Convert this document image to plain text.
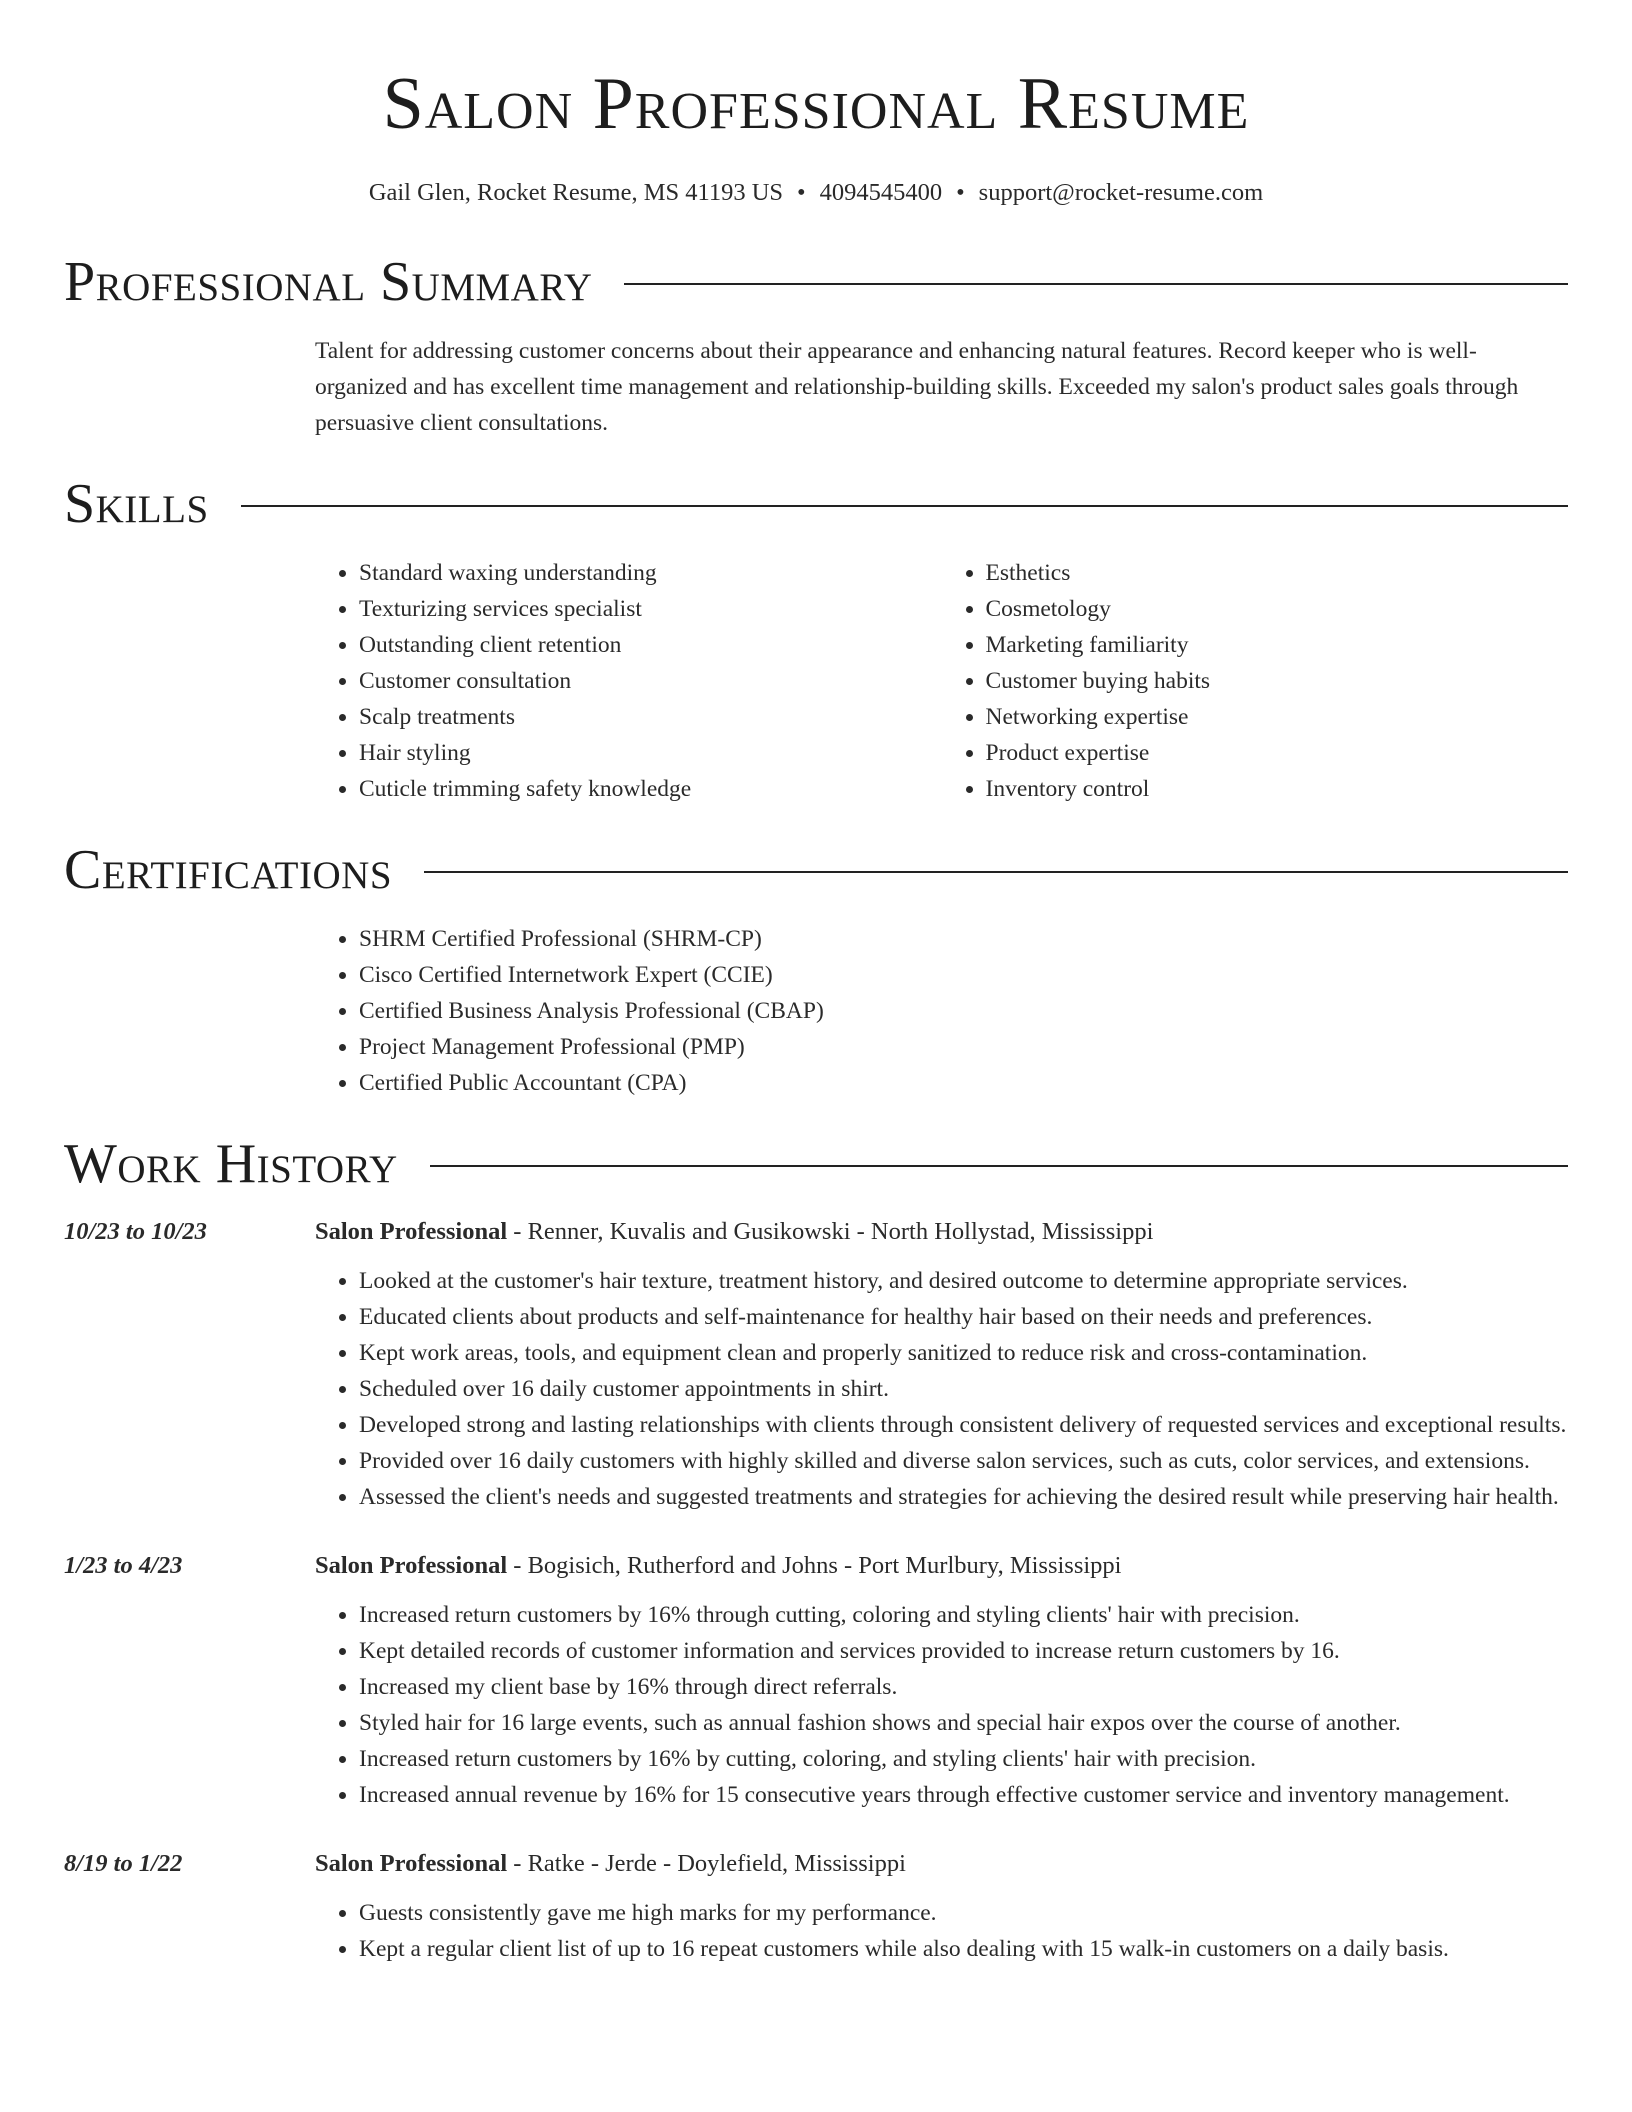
Salon Professional Resume
Gail Glen, Rocket Resume, MS 41193 US • 4094545400 • support@rocket-resume.com
Professional Summary
Talent for addressing customer concerns about their appearance and enhancing natural features. Record keeper who is well-organized and has excellent time management and relationship-building skills. Exceeded my salon's product sales goals through persuasive client consultations.
Skills
• Standard waxing understanding
• Texturizing services specialist
• Outstanding client retention
• Customer consultation
• Scalp treatments
• Hair styling
• Cuticle trimming safety knowledge
• Esthetics
• Cosmetology
• Marketing familiarity
• Customer buying habits
• Networking expertise
• Product expertise
• Inventory control
Certifications
• SHRM Certified Professional (SHRM-CP)
• Cisco Certified Internetwork Expert (CCIE)
• Certified Business Analysis Professional (CBAP)
• Project Management Professional (PMP)
• Certified Public Accountant (CPA)
Work History
10/23 to 10/23	Salon Professional - Renner, Kuvalis and Gusikowski - North Hollystad, Mississippi
• Looked at the customer's hair texture, treatment history, and desired outcome to determine appropriate services.
• Educated clients about products and self-maintenance for healthy hair based on their needs and preferences.
• Kept work areas, tools, and equipment clean and properly sanitized to reduce risk and cross-contamination.
• Scheduled over 16 daily customer appointments in shirt.
• Developed strong and lasting relationships with clients through consistent delivery of requested services and exceptional results.
• Provided over 16 daily customers with highly skilled and diverse salon services, such as cuts, color services, and extensions.
• Assessed the client's needs and suggested treatments and strategies for achieving the desired result while preserving hair health.
1/23 to 4/23	Salon Professional - Bogisich, Rutherford and Johns - Port Murlbury, Mississippi
• Increased return customers by 16% through cutting, coloring and styling clients' hair with precision.
• Kept detailed records of customer information and services provided to increase return customers by 16.
• Increased my client base by 16% through direct referrals.
• Styled hair for 16 large events, such as annual fashion shows and special hair expos over the course of another.
• Increased return customers by 16% by cutting, coloring, and styling clients' hair with precision.
• Increased annual revenue by 16% for 15 consecutive years through effective customer service and inventory management.
8/19 to 1/22	Salon Professional - Ratke - Jerde - Doylefield, Mississippi
• Guests consistently gave me high marks for my performance.
• Kept a regular client list of up to 16 repeat customers while also dealing with 15 walk-in customers on a daily basis.
